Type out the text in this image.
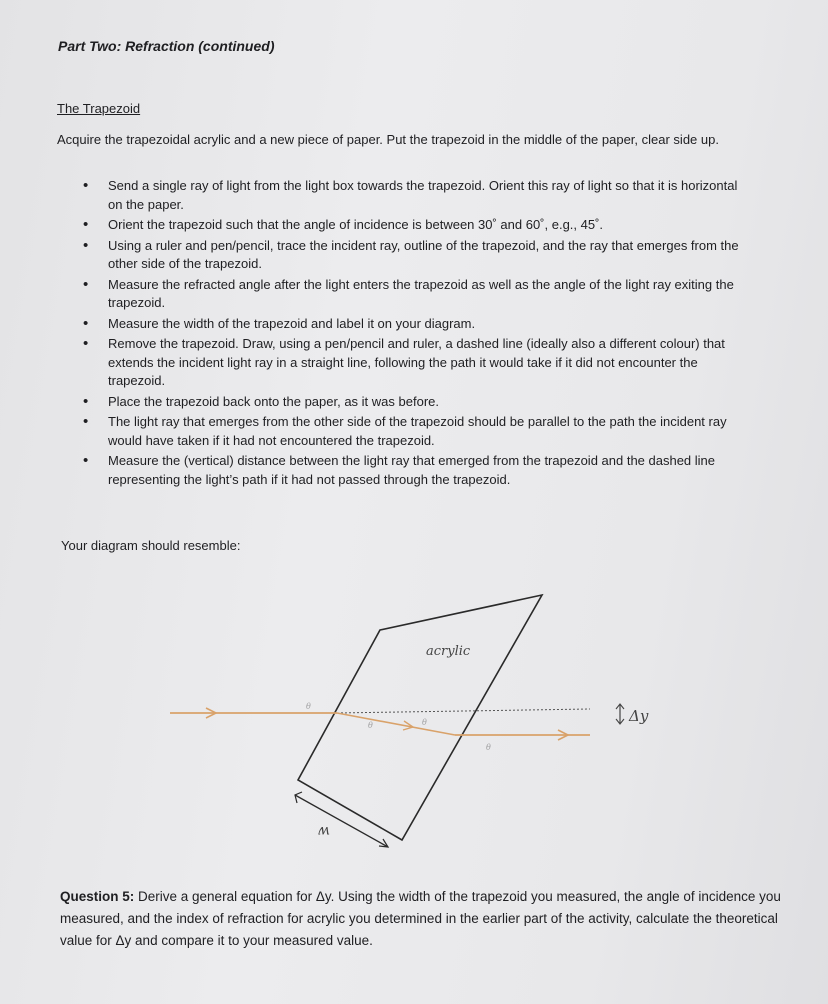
Part Two: Refraction (continued)
The Trapezoid
Acquire the trapezoidal acrylic and a new piece of paper. Put the trapezoid in the middle of the paper, clear side up.
• Send a single ray of light from the light box towards the trapezoid. Orient this ray of light so that it is horizontal on the paper.
• Orient the trapezoid such that the angle of incidence is between 30˚ and 60˚, e.g., 45˚.
• Using a ruler and pen/pencil, trace the incident ray, outline of the trapezoid, and the ray that emerges from the other side of the trapezoid.
• Measure the refracted angle after the light enters the trapezoid as well as the angle of the light ray exiting the trapezoid.
• Measure the width of the trapezoid and label it on your diagram.
• Remove the trapezoid. Draw, using a pen/pencil and ruler, a dashed line (ideally also a different colour) that extends the incident light ray in a straight line, following the path it would take if it did not encounter the trapezoid.
• Place the trapezoid back onto the paper, as it was before.
• The light ray that emerges from the other side of the trapezoid should be parallel to the path the incident ray would have taken if it had not encountered the trapezoid.
• Measure the (vertical) distance between the light ray that emerged from the trapezoid and the dashed line representing the light’s path if it had not passed through the trapezoid.
Your diagram should resemble:
Δy
w
acrylic
θ
θ	θ
θ
Question 5: Derive a general equation for Δy. Using the width of the trapezoid you measured, the angle of incidence you measured, and the index of refraction for acrylic you determined in the earlier part of the activity, calculate the theoretical value for Δy and compare it to your measured value.
